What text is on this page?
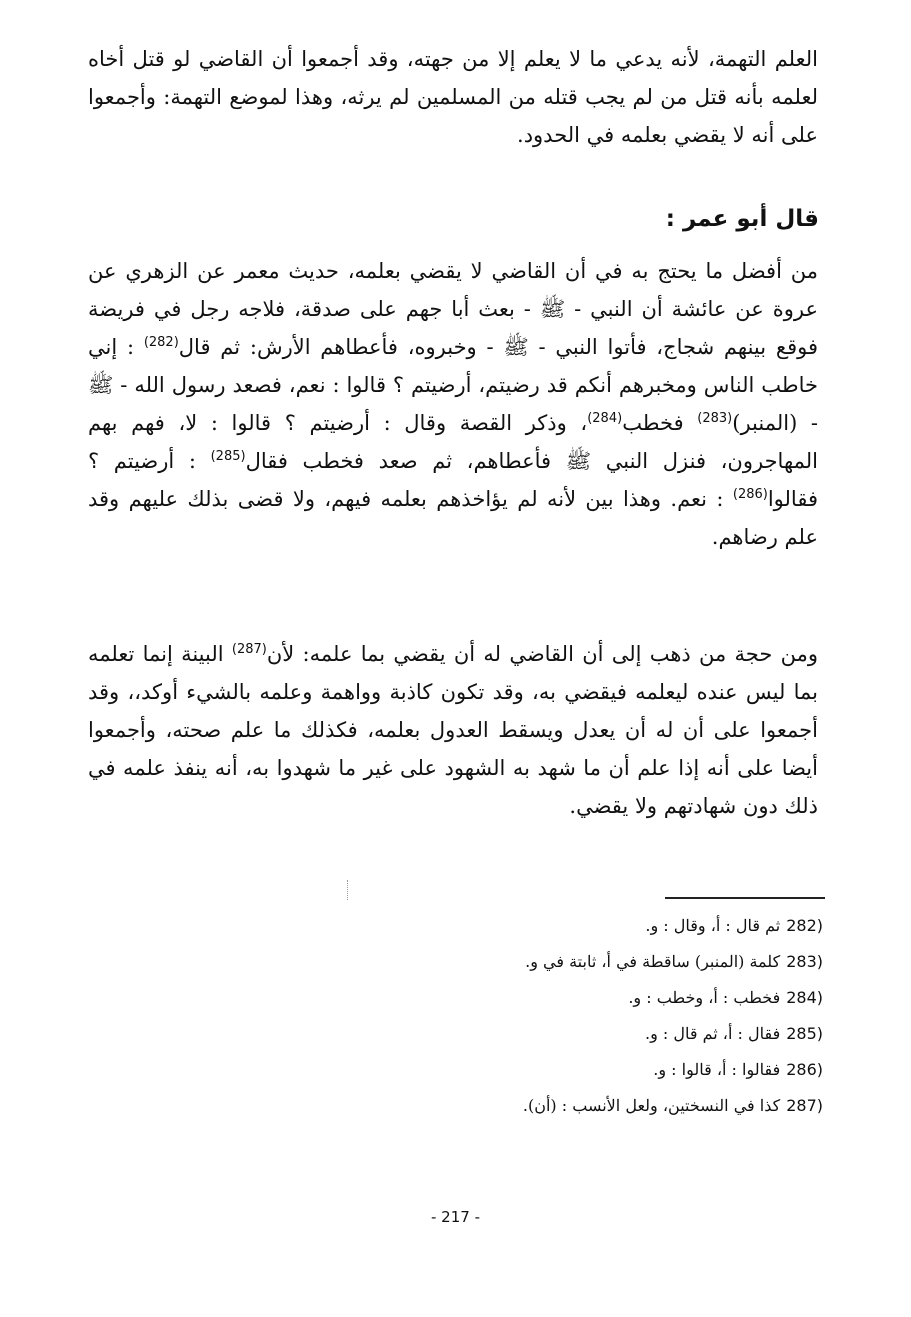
العلم التهمة، لأنه يدعي ما لا يعلم إلا من جهته، وقد أجمعوا أن القاضي لو قتل أخاه لعلمه بأنه قتل من لم يجب قتله من المسلمين لم يرثه، وهذا لموضع التهمة: وأجمعوا على أنه لا يقضي بعلمه في الحدود.

قال أبو عمر :

من أفضل ما يحتج به في أن القاضي لا يقضي بعلمه، حديث معمر عن الزهري عن عروة عن عائشة أن النبي - ﷺ - بعث أبا جهم على صدقة، فلاجه رجل في فريضة فوقع بينهم شجاج، فأتوا النبي - ﷺ - وخبروه، فأعطاهم الأرش: ثم قال$^{(282)}$ : إني خاطب الناس ومخبرهم أنكم قد رضيتم، أرضيتم ؟ قالوا : نعم، فصعد رسول الله - ﷺ - (المنبر)$^{(283)}$ فخطب$^{(284)}$، وذكر القصة وقال : أرضيتم ؟ قالوا : لا، فهم بهم المهاجرون، فنزل النبي ﷺ فأعطاهم، ثم صعد فخطب فقال$^{(285)}$ : أرضيتم ؟ فقالوا$^{(286)}$ : نعم. وهذا بين لأنه لم يؤاخذهم بعلمه فيهم، ولا قضى بذلك عليهم وقد علم رضاهم.

ومن حجة من ذهب إلى أن القاضي له أن يقضي بما علمه: لأن$^{(287)}$ البينة إنما تعلمه بما ليس عنده ليعلمه فيقضي به، وقد تكون كاذبة وواهمة وعلمه بالشيء أوكد،، وقد أجمعوا على أن له أن يعدل ويسقط العدول بعلمه، فكذلك ما علم صحته، وأجمعوا أيضا على أنه إذا علم أن ما شهد به الشهود على غير ما شهدوا به، أنه ينفذ علمه في ذلك دون شهادتهم ولا يقضي.

282)
ثم قال : أ، وقال : و.
283)
كلمة (المنبر) ساقطة في أ، ثابتة في و.
284)
فخطب : أ، وخطب : و.
285)
فقال : أ، ثم قال : و.
286)
فقالوا : أ، قالوا : و.
287)
كذا في النسختين، ولعل الأنسب : (أن).
- 217 -
